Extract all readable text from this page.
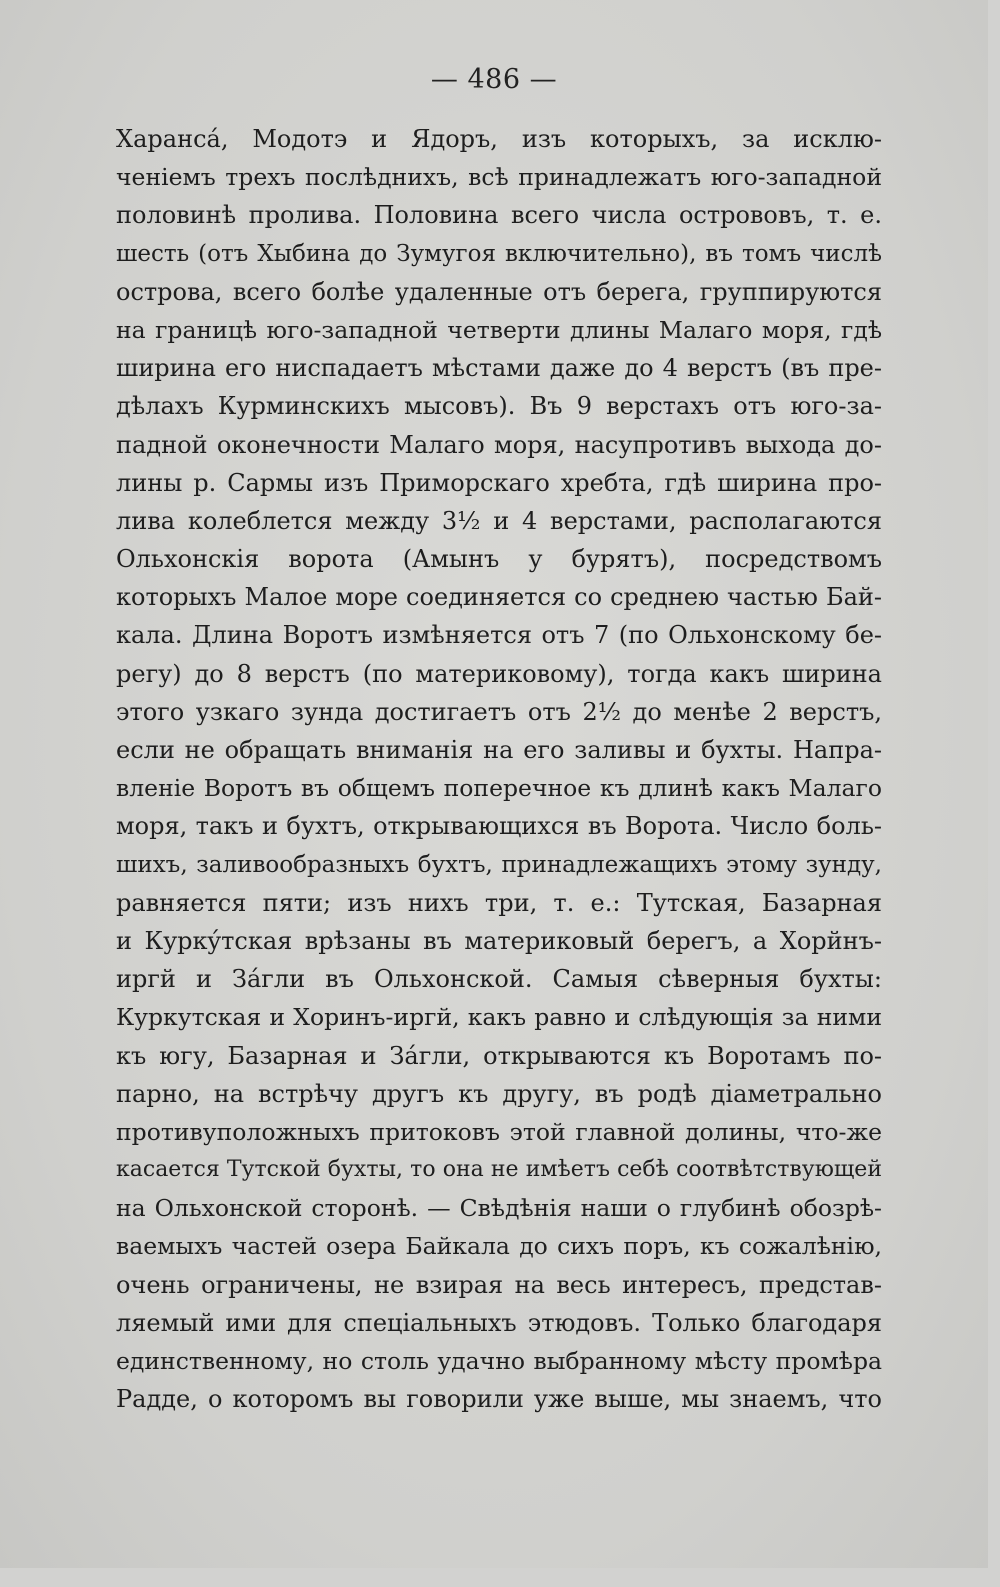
— 486 —
Харансá, Модотэ и Ядоръ, изъ которыхъ, за исклю-
ченіемъ трехъ послѣднихъ, всѣ принадлежатъ юго-западной
половинѣ пролива. Половина всего числа острововъ, т. е.
шесть (отъ Хыбина до Зумугоя включительно), въ томъ числѣ
острова, всего болѣе удаленные отъ берега, группируются
на границѣ юго-западной четверти длины Малаго моря, гдѣ
ширина его ниспадаетъ мѣстами даже до 4 верстъ (въ пре-
дѣлахъ Курминскихъ мысовъ). Въ 9 верстахъ отъ юго-за-
падной оконечности Малаго моря, насупротивъ выхода до-
лины р. Сармы изъ Приморскаго хребта, гдѣ ширина про-
лива колеблется между 3½ и 4 верстами, располагаются
Ольхонскія ворота (Амынъ у бурятъ), посредствомъ
которыхъ Малое море соединяется со среднею частью Бай-
кала. Длина Воротъ измѣняется отъ 7 (по Ольхонскому бе-
регу) до 8 верстъ (по материковому), тогда какъ ширина
этого узкаго зунда достигаетъ отъ 2½ до менѣе 2 верстъ,
если не обращать вниманія на его заливы и бухты. Напра-
вленіе Воротъ въ общемъ поперечное къ длинѣ какъ Малаго
моря, такъ и бухтъ, открывающихся въ Ворота. Число боль-
шихъ, заливообразныхъ бухтъ, принадлежащихъ этому зунду,
равняется пяти; изъ нихъ три, т. е.: Тутская, Базарная
и Куркýтская врѣзаны въ материковый берегъ, а Хорйнъ-
иргй и Зáгли въ Ольхонской. Самыя сѣверныя бухты:
Куркутская и Хоринъ-иргй, какъ равно и слѣдующія за ними
къ югу, Базарная и Зáгли, открываются къ Воротамъ по-
парно, на встрѣчу другъ къ другу, въ родѣ діаметрально
противуположныхъ притоковъ этой главной долины, что-же
касается Тутской бухты, то она не имѣетъ себѣ соотвѣтствующей
на Ольхонской сторонѣ. — Свѣдѣнія наши о глубинѣ обозрѣ-
ваемыхъ частей озера Байкала до сихъ поръ, къ сожалѣнію,
очень ограничены, не взирая на весь интересъ, представ-
ляемый ими для спеціальныхъ этюдовъ. Только благодаря
единственному, но столь удачно выбранному мѣсту промѣра
Радде, о которомъ вы говорили уже выше, мы знаемъ, что
